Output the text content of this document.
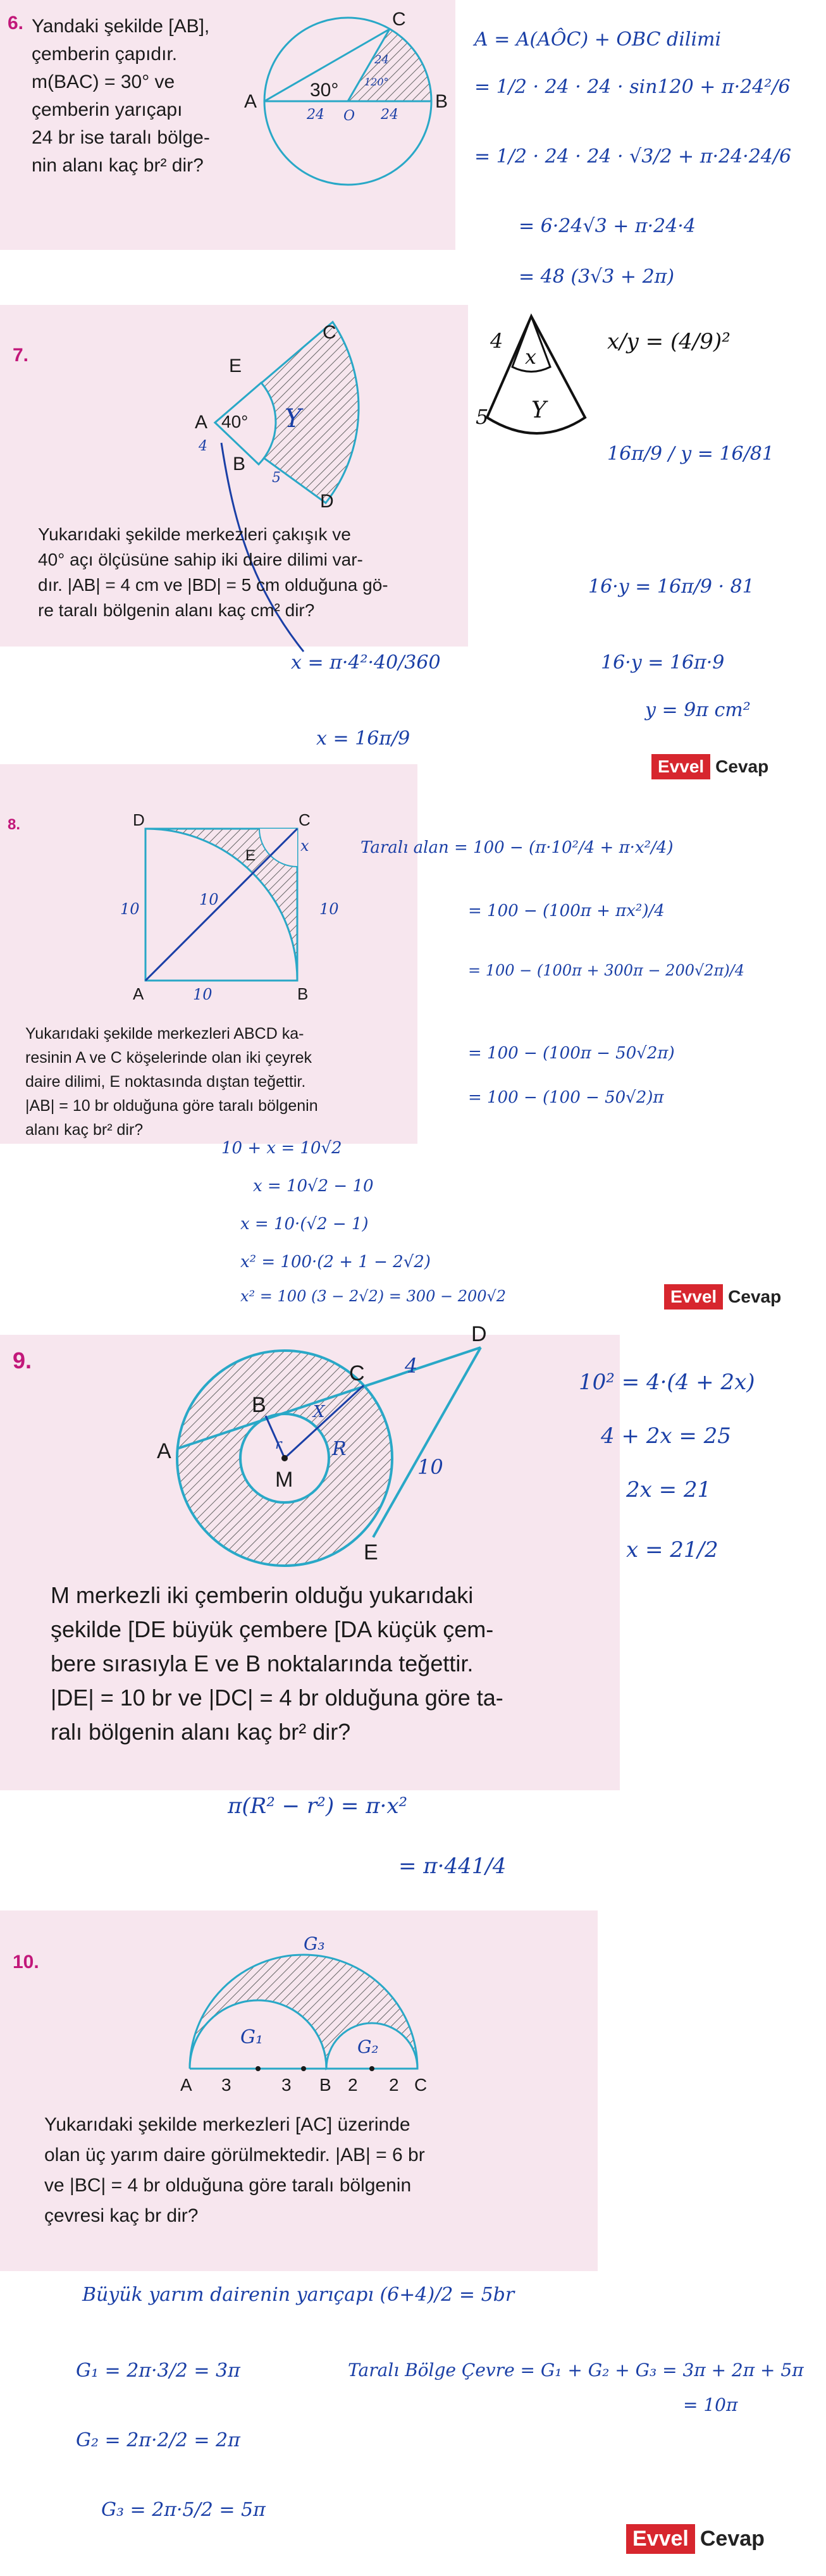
6. Yandaki şekilde [AB],
çemberin çapıdır.
m(BAC) = 30° ve
çemberin yarıçapı
24 br ise taralı bölge-
nin alanı kaç br² dir?
A	B
C
30°
24 O 24
24
120°
A = A(AÔC) + OBC dilimi
= 1/2 · 24 · 24 · sin120 + π·24²/6
= 1/2 · 24 · 24 · √3/2 + π·24·24/6
= 6·24√3 + π·24·4
= 48 (3√3 + 2π)
7.
A
B
C
D
E
40°
4
5
Y
Yukarıdaki şekilde merkezleri çakışık ve
40° açı ölçüsüne sahip iki daire dilimi var-
dır. |AB| = 4 cm ve |BD| = 5 cm olduğuna gö-
re taralı bölgenin alanı kaç cm² dir?
x
Y
4
5
x/y = (4/9)²
16π/9 / y = 16/81
16·y = 16π/9 · 81
16·y = 16π·9
y = 9π cm²
x = π·4²·40/360
x = 16π/9
Evvel Cevap
8.
A	B
C
D
E
10
10
10
10
x
Yukarıdaki şekilde merkezleri ABCD ka-
resinin A ve C köşelerinde olan iki çeyrek
daire dilimi, E noktasında dıştan teğettir.
|AB| = 10 br olduğuna göre taralı bölgenin
alanı kaç br² dir?
Taralı alan = 100 − (π·10²/4 + π·x²/4)
= 100 − (100π + πx²)/4
= 100 − (100π + 300π − 200√2π)/4
= 100 − (100π − 50√2π)
= 100 − (100 − 50√2)π
10 + x = 10√2
x = 10√2 − 10
x = 10·(√2 − 1)
x² = 100·(2 + 1 − 2√2)
x² = 100 (3 − 2√2) = 300 − 200√2	Evvel Cevap
9.
A
B
C
D
E
M
4
10
X
R
r
M merkezli iki çemberin olduğu yukarıdaki
şekilde [DE büyük çembere [DA küçük çem-
bere sırasıyla E ve B noktalarında teğettir.
|DE| = 10 br ve |DC| = 4 br olduğuna göre ta-
ralı bölgenin alanı kaç br² dir?
10² = 4·(4 + 2x)
4 + 2x = 25
2x = 21
x = 21/2
π(R² − r²) = π·x²
= π·441/4
10.
A	B	C
3	3	2 2
G₁	G₂
G₃
Yukarıdaki şekilde merkezleri [AC] üzerinde
olan üç yarım daire görülmektedir. |AB| = 6 br
ve |BC| = 4 br olduğuna göre taralı bölgenin
çevresi kaç br dir?
Büyük yarım dairenin yarıçapı (6+4)/2 = 5br
G₁ = 2π·3/2 = 3π
G₂ = 2π·2/2 = 2π
G₃ = 2π·5/2 = 5π
Taralı Bölge Çevre = G₁ + G₂ + G₃ = 3π + 2π + 5π
= 10π
Evvel Cevap
